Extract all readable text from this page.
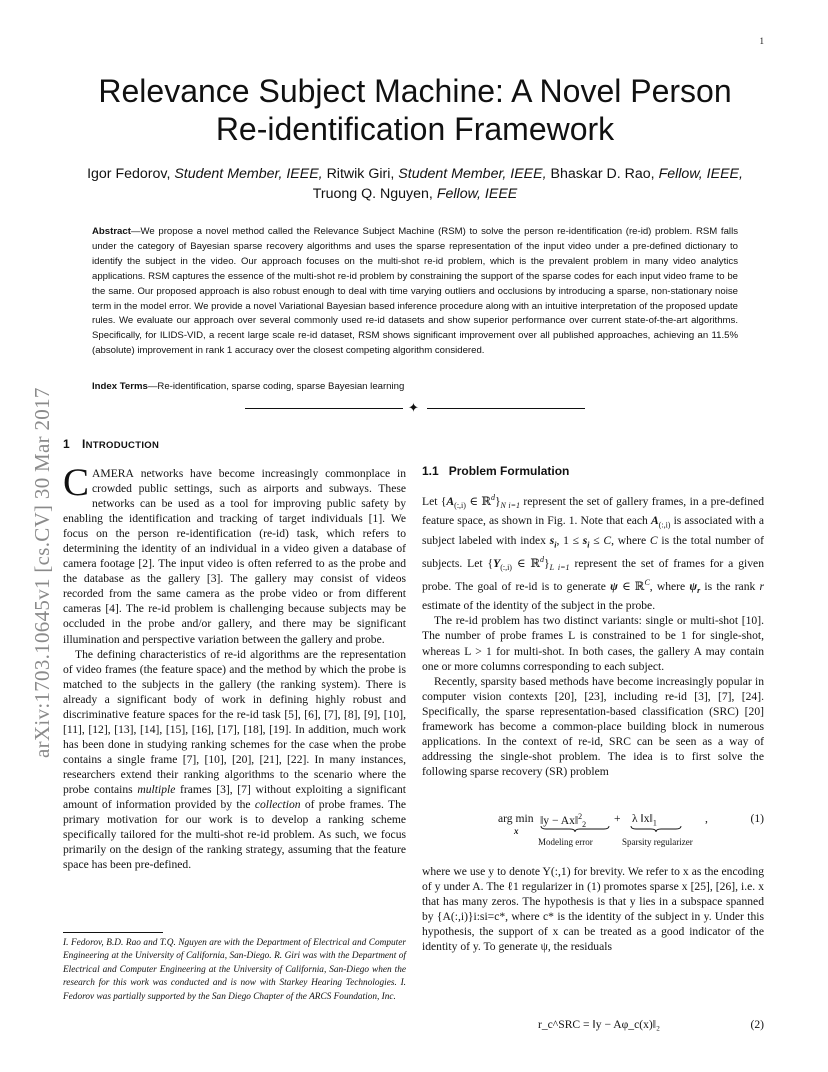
1
arXiv:1703.10645v1 [cs.CV] 30 Mar 2017
Relevance Subject Machine: A Novel Person
Re-identification Framework
Igor Fedorov, Student Member, IEEE, Ritwik Giri, Student Member, IEEE, Bhaskar D. Rao, Fellow, IEEE,
Truong Q. Nguyen, Fellow, IEEE
Abstract—We propose a novel method called the Relevance Subject Machine (RSM) to solve the person re-identification (re-id) problem. RSM falls under the category of Bayesian sparse recovery algorithms and uses the sparse representation of the input video under a pre-defined dictionary to identify the subject in the video. Our approach focuses on the multi-shot re-id problem, which is the prevalent problem in many video analytics applications. RSM captures the essence of the multi-shot re-id problem by constraining the support of the sparse codes for each input video frame to be the same. Our proposed approach is also robust enough to deal with time varying outliers and occlusions by introducing a sparse, non-stationary noise term in the model error. We provide a novel Variational Bayesian based inference procedure along with an intuitive interpretation of the proposed update rules. We evaluate our approach over several commonly used re-id datasets and show superior performance over current state-of-the-art algorithms. Specifically, for ILIDS-VID, a recent large scale re-id dataset, RSM shows significant improvement over all published approaches, achieving an 11.5% (absolute) improvement in rank 1 accuracy over the closest competing algorithm considered.
Index Terms—Re-identification, sparse coding, sparse Bayesian learning
✦
1 INTRODUCTION

CAMERA networks have become increasingly commonplace in crowded public settings, such as airports and subways. These networks can be used as a tool for improving public safety by enabling the identification and tracking of target individuals [1]. We focus on the person re-identification (re-id) task, which refers to determining the identity of an individual in a video given a database of camera footage [2]. The input video is often referred to as the probe and the database as the gallery [3]. The gallery may consist of videos recorded from the same camera as the probe video or from different cameras [4]. The re-id problem is challenging because subjects may be occluded in the probe and/or gallery, and there may be significant illumination and perspective variation between the gallery and probe.

The defining characteristics of re-id algorithms are the representation of video frames (the feature space) and the method by which the probe is matched to the subjects in the gallery (the ranking system). There is already a significant body of work in defining highly robust and discriminative feature spaces for the re-id task [5], [6], [7], [8], [9], [10], [11], [12], [13], [14], [15], [16], [17], [18], [19]. In addition, much work has been done in studying ranking schemes for the case when the probe contains a single frame [7], [10], [20], [21], [22]. In many instances, researchers extend their ranking algorithms to the scenario where the probe contains multiple frames [3], [7] without exploiting a significant amount of information provided by the collection of probe frames. The primary motivation for our work is to develop a ranking scheme specifically tailored for the multi-shot re-id problem. As such, we focus primarily on the design of the ranking strategy, assuming that the feature space has been pre-defined.

I. Fedorov, B.D. Rao and T.Q. Nguyen are with the Department of Electrical and Computer Engineering at the University of California, San-Diego. R. Giri was with the Department of Electrical and Computer Engineering at the University of California, San-Diego when the research for this work was conducted and is now with Starkey Hearing Technologies. I. Fedorov was partially supported by the San Diego Chapter of the ARCS Foundation, Inc.
1.1 Problem Formulation

Let {$A_{(:,i)}$ ∈ $ℝ^d\}_{N i=1}$ represent the set of gallery frames, in a pre-defined feature space, as shown in Fig. 1. Note that each $A_{(:,i)}$ is associated with a subject labeled with index $s_i$, $1 \le s_i \le C$, where C is the total number of subjects. Let {$Y_{(:,i)}$ ∈ $ℝ^d\}_{L i=1}$ represent the set of frames for a given probe. The goal of re-id is to generate ψ ∈ ℝ$^C$, where $\psi_r$ is the rank r estimate of the identity of the subject in the probe.

The re-id problem has two distinct variants: single or multi-shot [10]. The number of probe frames L is constrained to be 1 for single-shot, whereas L > 1 for multi-shot. In both cases, the gallery A may contain one or more columns corresponding to each subject.

Recently, sparsity based methods have become increasingly popular in computer vision contexts [20], [23], including re-id [3], [7], [24]. Specifically, the sparse representation-based classification (SRC) [20] framework has become a common-place building block in numerous applications. In the context of re-id, SRC can be seen as a way of addressing the single-shot problem. The idea is to first solve the following sparse recovery (SR) problem

arg min
x
‖y − Ax‖$^2_2$
Modeling error
+ λ $‖x‖_1$
Sparsity regularizer
,	(1)

where we use y to denote Y(:,1) for brevity. We refer to x as the encoding of y under A. The ℓ1 regularizer in (1) promotes sparse x [25], [26], i.e. x that has many zeros. The hypothesis is that y lies in a subspace spanned by {A(:,i)}i:si=c*, where c* is the identity of the subject in y. Under this hypothesis, the support of x can be treated as a good indicator of the identity of y. To generate ψ, the residuals

r_c^SRC = ‖y − Aφ_c(x)‖₂	(2)
